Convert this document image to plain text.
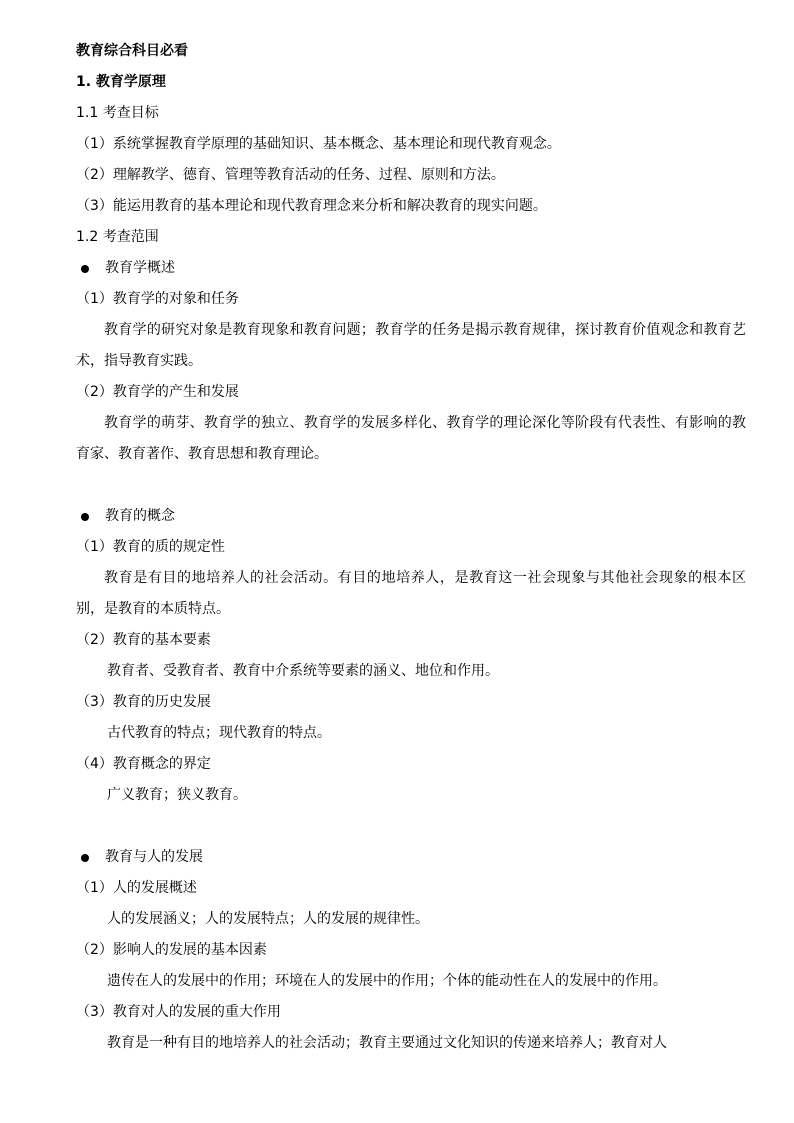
教育综合科目必看
1. 教育学原理
1.1 考查目标
（1）系统掌握教育学原理的基础知识、基本概念、基本理论和现代教育观念。
（2）理解教学、德育、管理等教育活动的任务、过程、原则和方法。
（3）能运用教育的基本理论和现代教育理念来分析和解决教育的现实问题。
1.2 考查范围
教育学概述
（1）教育学的对象和任务

教育学的研究对象是教育现象和教育问题；教育学的任务是揭示教育规律，探讨教育价值观念和教育艺术，指导教育实践。

（2）教育学的产生和发展

教育学的萌芽、教育学的独立、教育学的发展多样化、教育学的理论深化等阶段有代表性、有影响的教育家、教育著作、教育思想和教育理论。

教育的概念
（1）教育的质的规定性

教育是有目的地培养人的社会活动。有目的地培养人，是教育这一社会现象与其他社会现象的根本区别，是教育的本质特点。

（2）教育的基本要素
教育者、受教育者、教育中介系统等要素的涵义、地位和作用。
（3）教育的历史发展
古代教育的特点；现代教育的特点。
（4）教育概念的界定
广义教育；狭义教育。
教育与人的发展
（1）人的发展概述
人的发展涵义；人的发展特点；人的发展的规律性。
（2）影响人的发展的基本因素
遗传在人的发展中的作用；环境在人的发展中的作用；个体的能动性在人的发展中的作用。
（3）教育对人的发展的重大作用
教育是一种有目的地培养人的社会活动；教育主要通过文化知识的传递来培养人；教育对人
